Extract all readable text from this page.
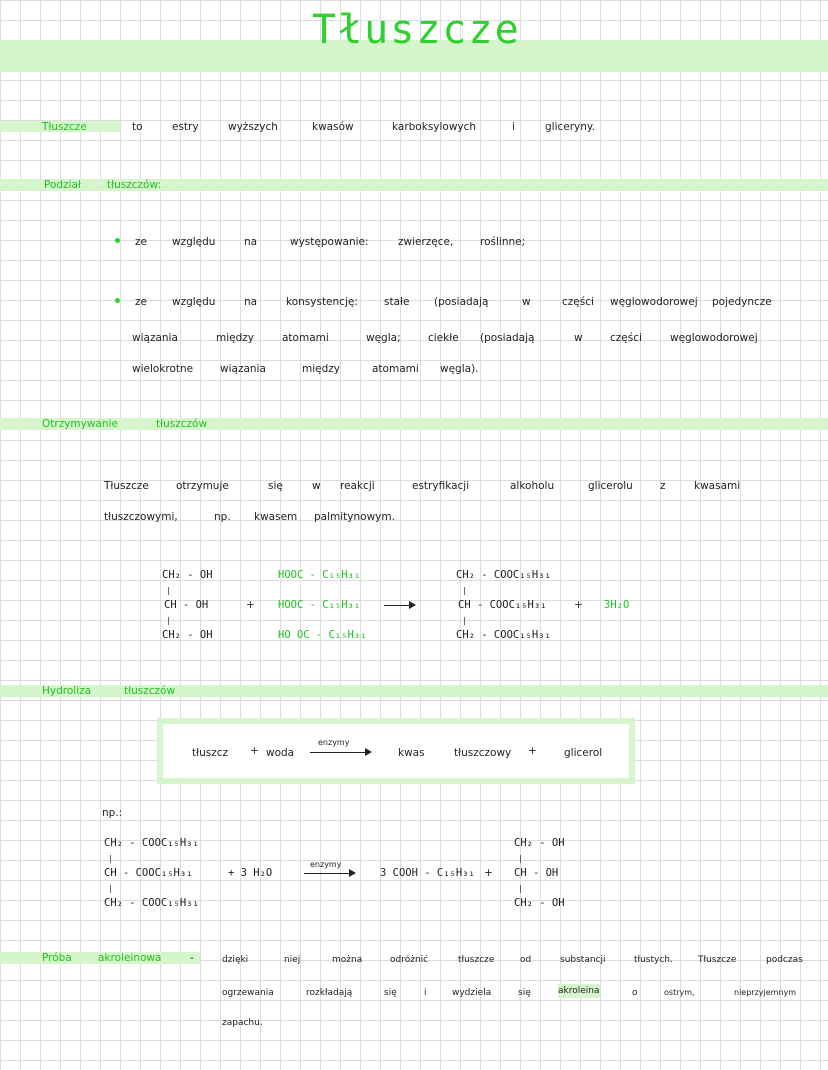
Tłuszcze
Tłuszcze	to	estry	wyższych	kwasów	karboksylowych	i	gliceryny.
Podział tłuszczów:
ze względu	na	występowanie:	zwierzęce,	roślinne;
ze względu	na	konsystencję: stałe (posiadają	w	części węglowodorowej pojedyncze
wiązania	między	atomami	węgla;	ciekłe (posiadają	w	części	węglowodorowej
wielokrotne	wiązania	między	atomami węgla).
Otrzymywanie	tłuszczów
Tłuszcze	otrzymuje	się	w reakcji	estryfikacji	alkoholu	glicerolu	z	kwasami
tłuszczowymi,	np. kwasem palmitynowym.
CH₂ - OH
|
CH - OH
|
CH₂ - OH
+
HOOC - C₁₅H₃₁
HOOC - C₁₅H₃₁
HO OC - C₁₅H₃₁
CH₂ - COOC₁₅H₃₁
|
CH - COOC₁₅H₃₁
|
CH₂ - COOC₁₅H₃₁
+ 3H₂O
Hydroliza	tłuszczów
tłuszcz + woda
enzymy
kwas	tłuszczowy +	glicerol
np.:
CH₂ - COOC₁₅H₃₁
|
CH - COOC₁₅H₃₁
|
CH₂ - COOC₁₅H₃₁
+ 3 H₂O
enzymy
3 COOH - C₁₅H₃₁ +
CH₂ - OH
|
CH - OH
|
CH₂ - OH
Próba akroleinowa	-	dzięki	niej	można	odróżnić	tłuszcze	od	substancji	tłustych.	Tłuszcze	podczas
ogrzewania	rozkładają	się	i	wydziela	się	akroleina	o	ostrym,	nieprzyjemnym
zapachu.
